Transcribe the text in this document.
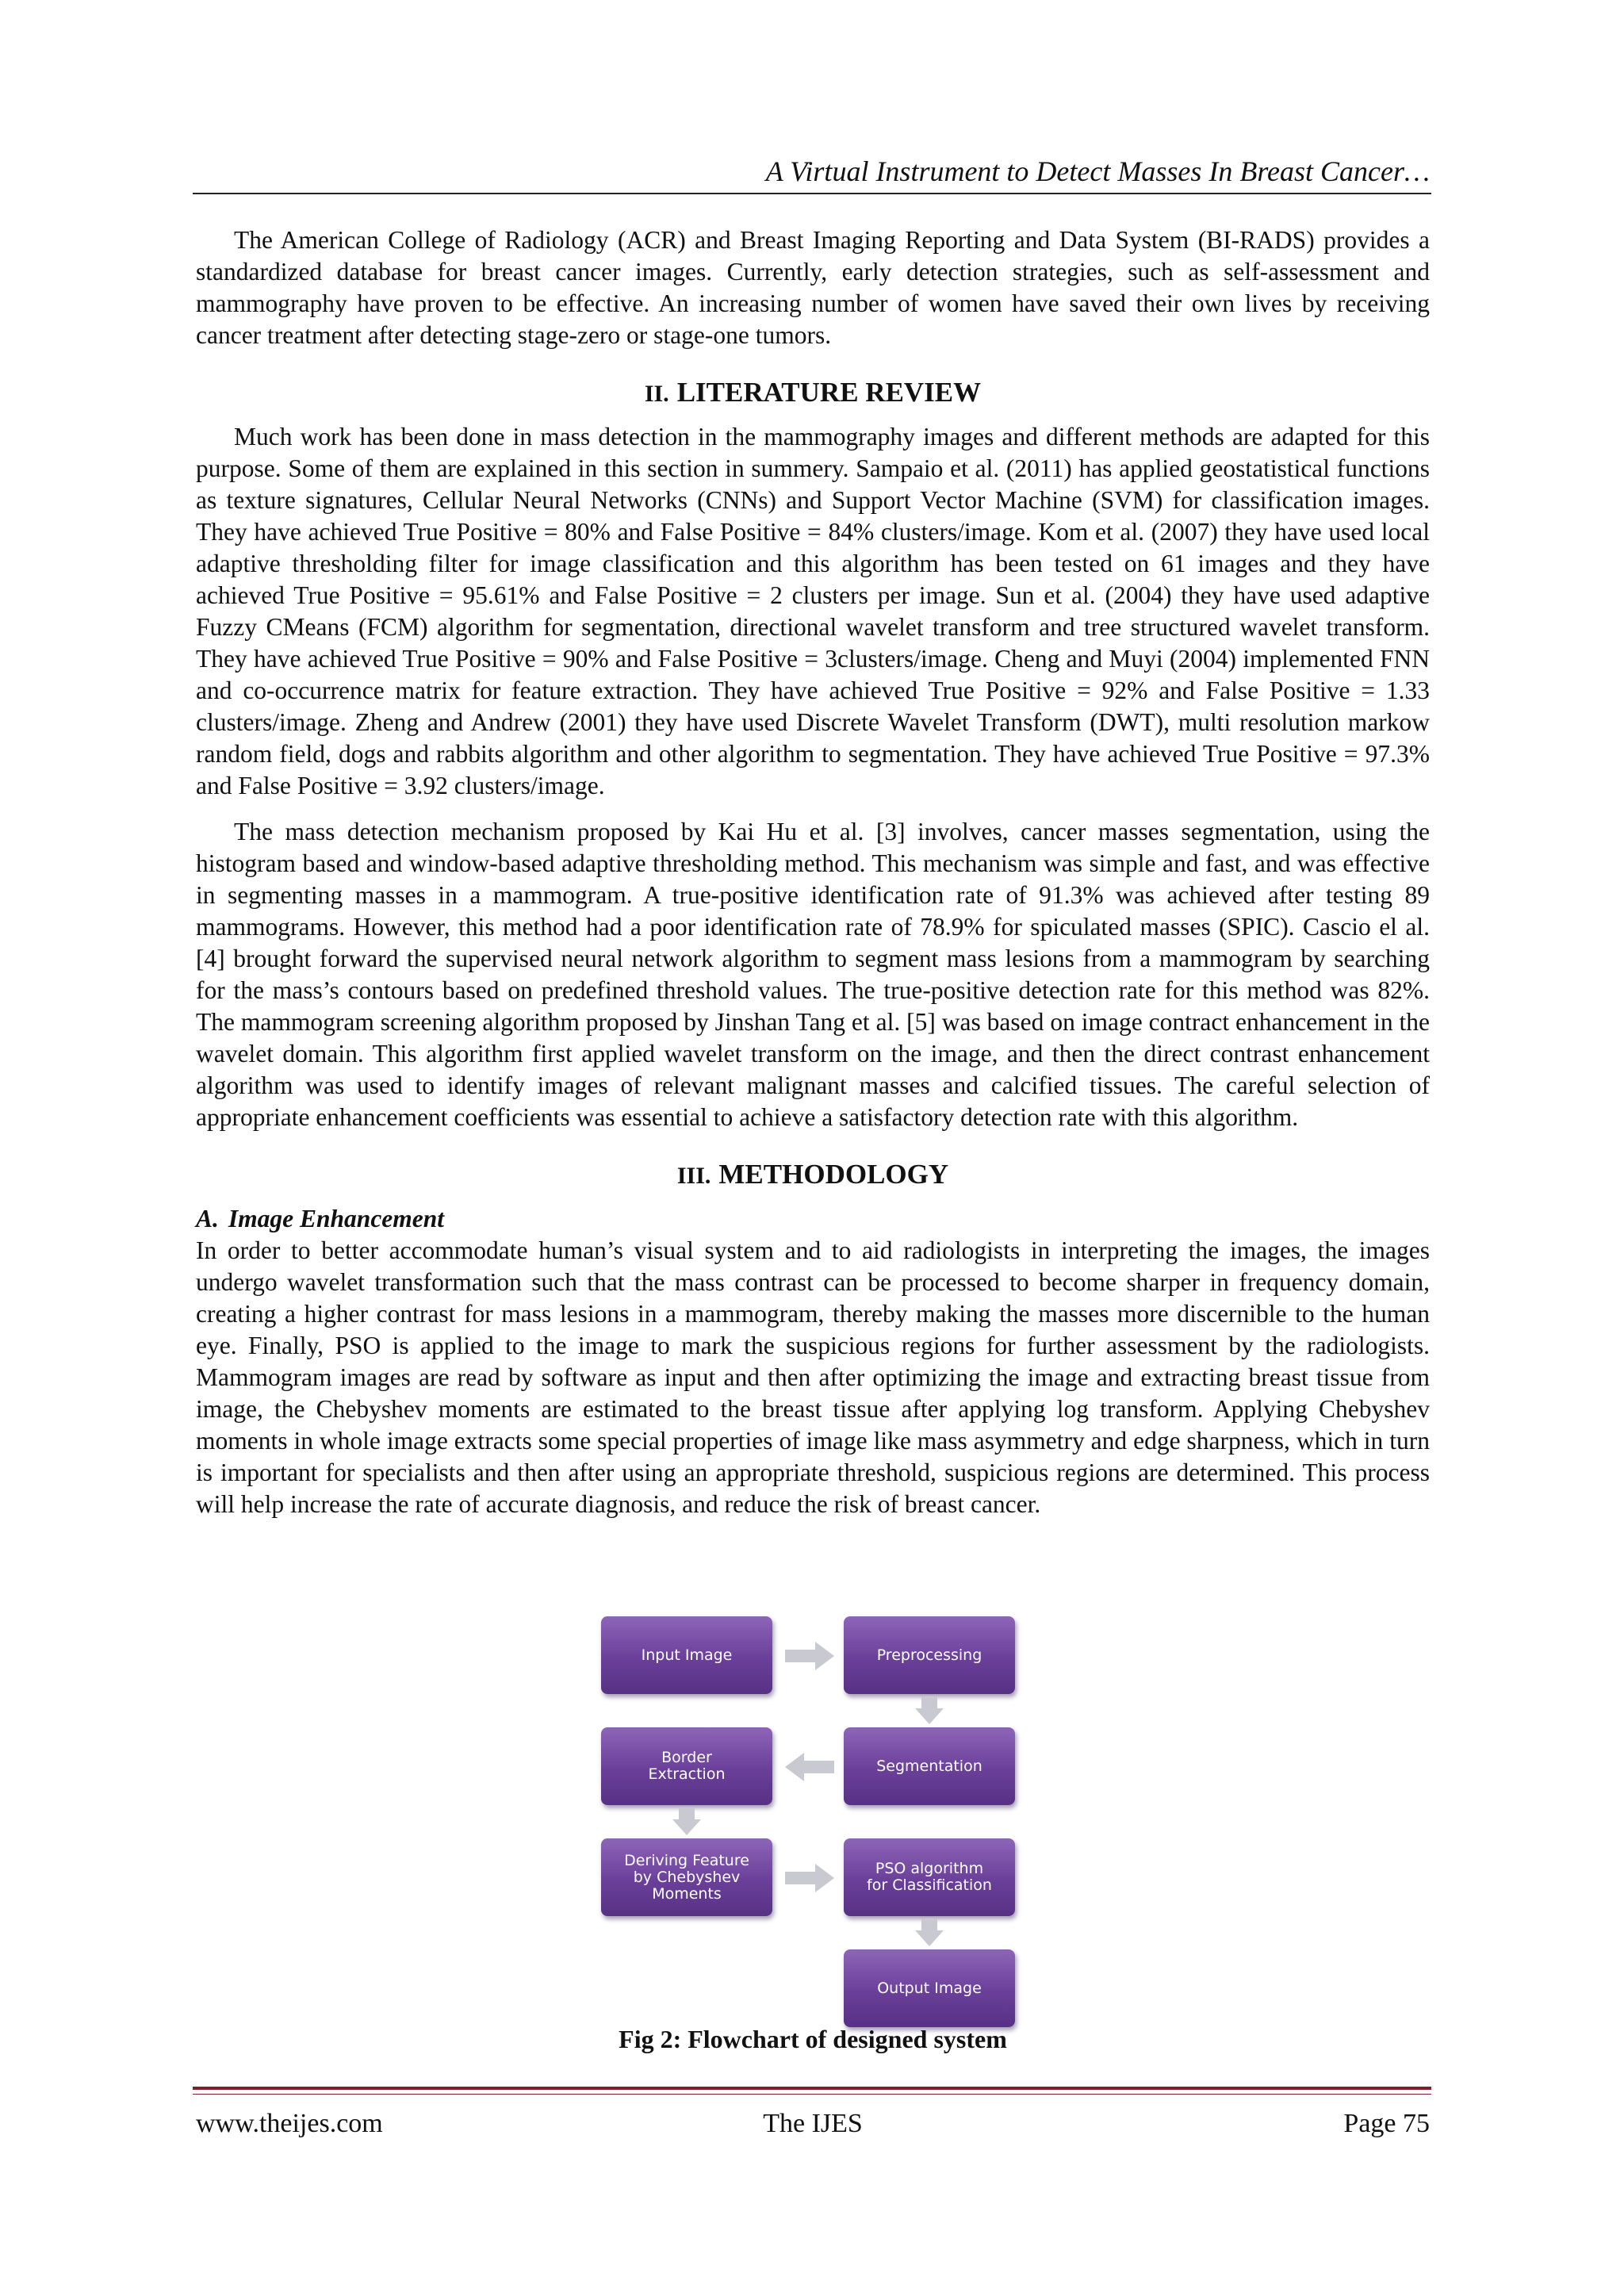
A Virtual Instrument to Detect Masses In Breast Cancer…

The American College of Radiology (ACR) and Breast Imaging Reporting and Data System (BI-RADS) provides a standardized database for breast cancer images. Currently, early detection strategies, such as self-assessment and mammography have proven to be effective. An increasing number of women have saved their own lives by receiving cancer treatment after detecting stage-zero or stage-one tumors.

II. LITERATURE REVIEW

Much work has been done in mass detection in the mammography images and different methods are adapted for this purpose. Some of them are explained in this section in summery. Sampaio et al. (2011) has applied geostatistical functions as texture signatures, Cellular Neural Networks (CNNs) and Support Vector Machine (SVM) for classification images. They have achieved True Positive = 80% and False Positive = 84% clusters/image. Kom et al. (2007) they have used local adaptive thresholding filter for image classification and this algorithm has been tested on 61 images and they have achieved True Positive = 95.61% and False Positive = 2 clusters per image. Sun et al. (2004) they have used adaptive Fuzzy CMeans (FCM) algorithm for segmentation, directional wavelet transform and tree structured wavelet transform. They have achieved True Positive = 90% and False Positive = 3clusters/image. Cheng and Muyi (2004) implemented FNN and co-occurrence matrix for feature extraction. They have achieved True Positive = 92% and False Positive = 1.33 clusters/image. Zheng and Andrew (2001) they have used Discrete Wavelet Transform (DWT), multi resolution markow random field, dogs and rabbits algorithm and other algorithm to segmentation. They have achieved True Positive = 97.3% and False Positive = 3.92 clusters/image.

The mass detection mechanism proposed by Kai Hu et al. [3] involves, cancer masses segmentation, using the histogram based and window-based adaptive thresholding method. This mechanism was simple and fast, and was effective in segmenting masses in a mammogram. A true-positive identification rate of 91.3% was achieved after testing 89 mammograms. However, this method had a poor identification rate of 78.9% for spiculated masses (SPIC). Cascio el al. [4] brought forward the supervised neural network algorithm to segment mass lesions from a mammogram by searching for the mass’s contours based on predefined threshold values. The true-positive detection rate for this method was 82%. The mammogram screening algorithm proposed by Jinshan Tang et al. [5] was based on image contract enhancement in the wavelet domain. This algorithm first applied wavelet transform on the image, and then the direct contrast enhancement algorithm was used to identify images of relevant malignant masses and calcified tissues. The careful selection of appropriate enhancement coefficients was essential to achieve a satisfactory detection rate with this algorithm.

III. METHODOLOGY
A. Image Enhancement

In order to better accommodate human’s visual system and to aid radiologists in interpreting the images, the images undergo wavelet transformation such that the mass contrast can be processed to become sharper in frequency domain, creating a higher contrast for mass lesions in a mammogram, thereby making the masses more discernible to the human eye. Finally, PSO is applied to the image to mark the suspicious regions for further assessment by the radiologists. Mammogram images are read by software as input and then after optimizing the image and extracting breast tissue from image, the Chebyshev moments are estimated to the breast tissue after applying log transform. Applying Chebyshev moments in whole image extracts some special properties of image like mass asymmetry and edge sharpness, which in turn is important for specialists and then after using an appropriate threshold, suspicious regions are determined. This process will help increase the rate of accurate diagnosis, and reduce the risk of breast cancer.

Input Image	Preprocessing
Segmentation
Border
Extraction
Deriving Feature
by Chebyshev
Moments
PSO algorithm
for Classification
Output Image
Fig 2: Flowchart of designed system
www.theijes.com	The IJES	Page 75
